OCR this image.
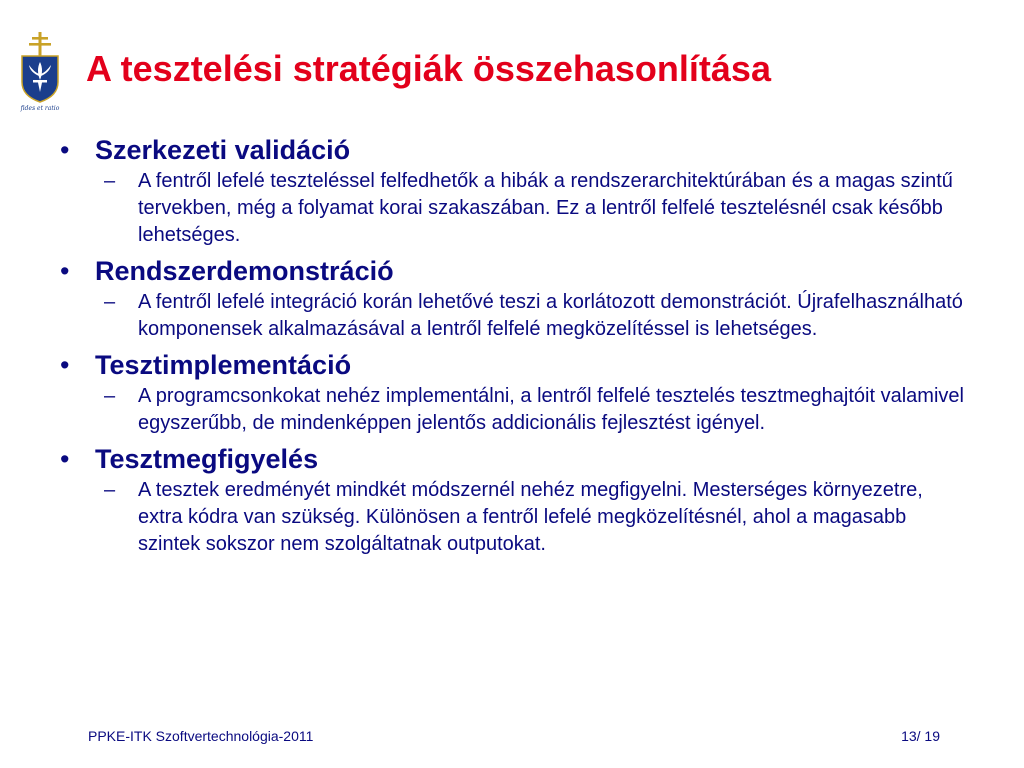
fides et ratio
A tesztelési stratégiák összehasonlítása
• Szerkezeti validáció
– A fentről lefelé teszteléssel felfedhetők a hibák a rendszerarchitektúrában és a magas szintű tervekben, még a folyamat korai szakaszában. Ez a lentről felfelé tesztelésnél csak később lehetséges.

• Rendszerdemonstráció
– A fentről lefelé integráció korán lehetővé teszi a korlátozott demonstrációt. Újrafelhasználható komponensek alkalmazásával a lentről felfelé megközelítéssel is lehetséges.

• Tesztimplementáció
– A programcsonkokat nehéz implementálni, a lentről felfelé tesztelés tesztmeghajtóit valamivel egyszerűbb, de mindenképpen jelentős addicionális fejlesztést igényel.

• Tesztmegfigyelés
– A tesztek eredményét mindkét módszernél nehéz megfigyelni. Mesterséges környezetre, extra kódra van szükség. Különösen a fentről lefelé megközelítésnél, ahol a magasabb szintek sokszor nem szolgáltatnak outputokat.

PPKE-ITK Szoftvertechnológia-2011	13/ 19
